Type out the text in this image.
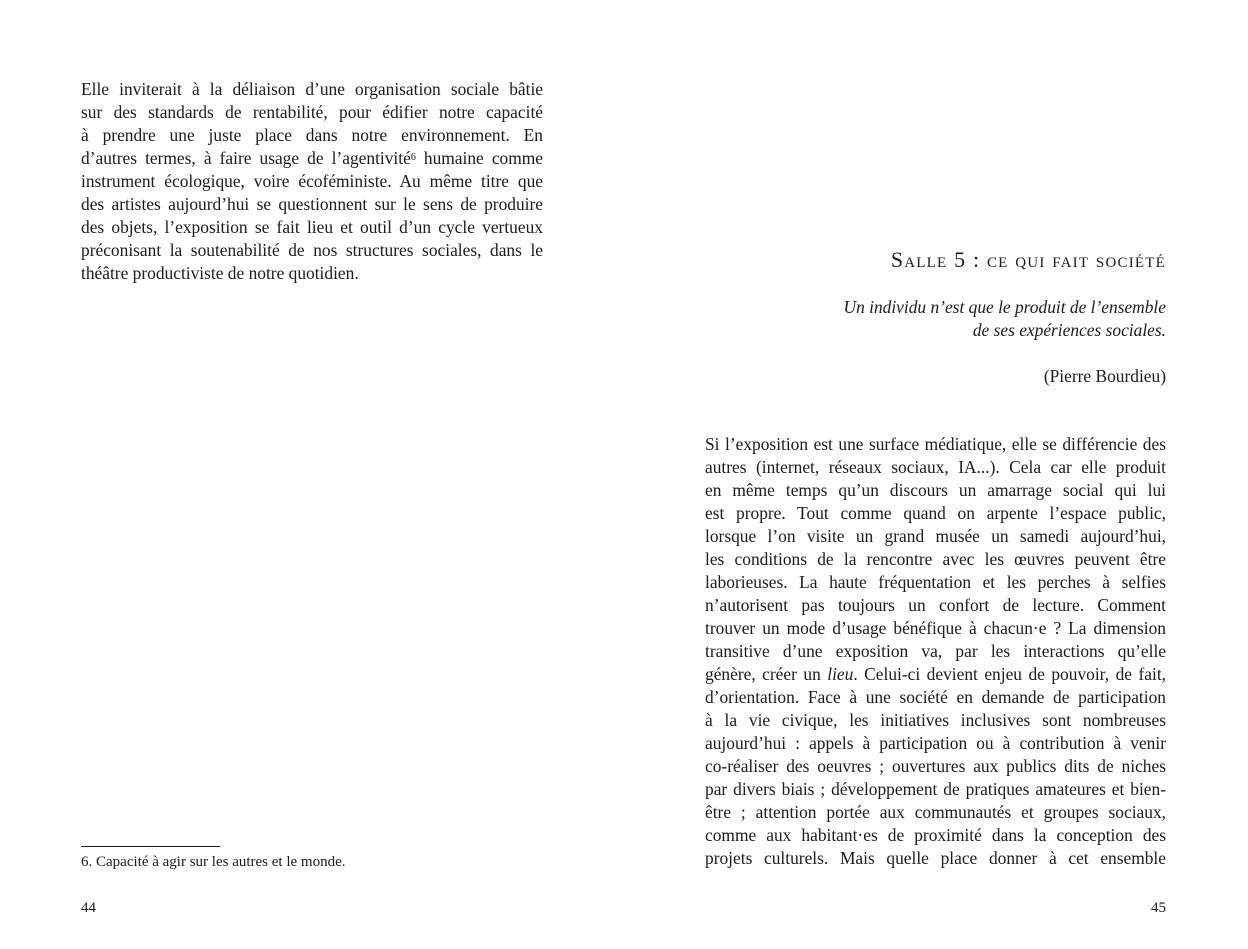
Elle inviterait à la déliaison d’une organisation sociale bâtie
sur des standards de rentabilité, pour édifier notre capacité
à prendre une juste place dans notre environnement. En
d’autres termes, à faire usage de l’agentivité$^6$ humaine comme
instrument écologique, voire écoféministe. Au même titre que
des artistes aujourd’hui se questionnent sur le sens de produire
des objets, l’exposition se fait lieu et outil d’un cycle vertueux
préconisant la soutenabilité de nos structures sociales, dans le
théâtre productiviste de notre quotidien.

6. Capacité à agir sur les autres et le monde.

44

Salle 5 : ce qui fait société
Un individu n’est que le produit de l’ensemble
de ses expériences sociales.

(Pierre Bourdieu)

Si l’exposition est une surface médiatique, elle se différencie des
autres (internet, réseaux sociaux, IA...). Cela car elle produit
en même temps qu’un discours un amarrage social qui lui
est propre. Tout comme quand on arpente l’espace public,
lorsque l’on visite un grand musée un samedi aujourd’hui,
les conditions de la rencontre avec les œuvres peuvent être
laborieuses. La haute fréquentation et les perches à selfies
n’autorisent pas toujours un confort de lecture. Comment
trouver un mode d’usage bénéfique à chacun·e ? La dimension
transitive d’une exposition va, par les interactions qu’elle
génère, créer un lieu. Celui-ci devient enjeu de pouvoir, de fait,
d’orientation. Face à une société en demande de participation
à la vie civique, les initiatives inclusives sont nombreuses
aujourd’hui : appels à participation ou à contribution à venir
co-réaliser des oeuvres ; ouvertures aux publics dits de niches
par divers biais ; développement de pratiques amateures et bien-
être ; attention portée aux communautés et groupes sociaux,
comme aux habitant·es de proximité dans la conception des
projets culturels. Mais quelle place donner à cet ensemble

45
